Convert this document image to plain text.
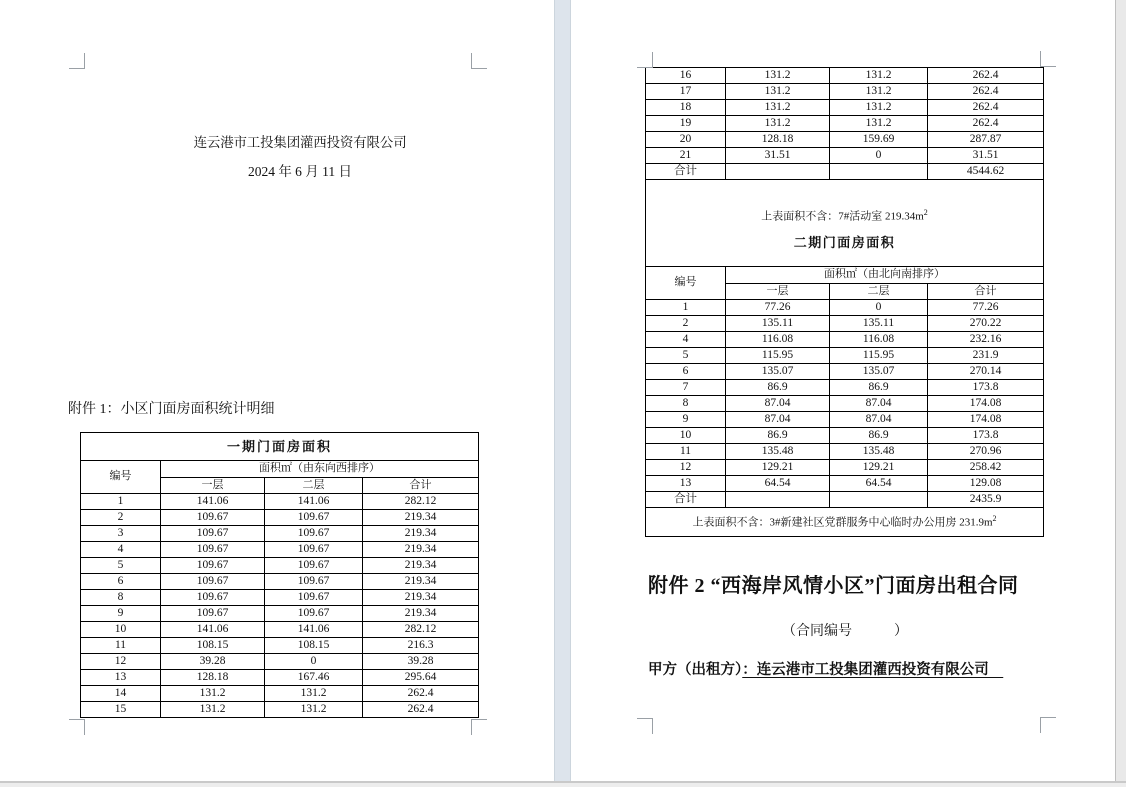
连云港市工投集团灌西投资有限公司
2024 年 6 月 11 日
附件 1：小区门面房面积统计明细
一期门面房面积			
编号	面积㎡（由东向西排序）		
	一层	二层	合计
1	141.06	141.06	282.12
2	109.67	109.67	219.34
3	109.67	109.67	219.34
4	109.67	109.67	219.34
5	109.67	109.67	219.34
6	109.67	109.67	219.34
8	109.67	109.67	219.34
9	109.67	109.67	219.34
10	141.06	141.06	282.12
11	108.15	108.15	216.3
12	39.28	0	39.28
13	128.18	167.46	295.64
14	131.2	131.2	262.4
15	131.2	131.2	262.4
16	131.2	131.2	262.4
17	131.2	131.2	262.4
18	131.2	131.2	262.4
19	131.2	131.2	262.4
20	128.18	159.69	287.87
21	31.51	0	31.51
合计			4544.62

上表面积不含：7#活动室 $219.34m^2$
二期门面房面积			

编号	面积㎡（由北向南排序）		
	一层	二层	合计
1	77.26	0	77.26
2	135.11	135.11	270.22
4	116.08	116.08	232.16
5	115.95	115.95	231.9
6	135.07	135.07	270.14
7	86.9	86.9	173.8
8	87.04	87.04	174.08
9	87.04	87.04	174.08
10	86.9	86.9	173.8
11	135.48	135.48	270.96
12	129.21	129.21	258.42
13	64.54	64.54	129.08
合计			2435.9
上表面积不含：3#新建社区党群服务中心临时办公用房 $231.9m^2$
附件 2 “西海岸风情小区”门面房出租合同
（合同编号　　　）
甲方（出租方）：连云港市工投集团灌西投资有限公司　
